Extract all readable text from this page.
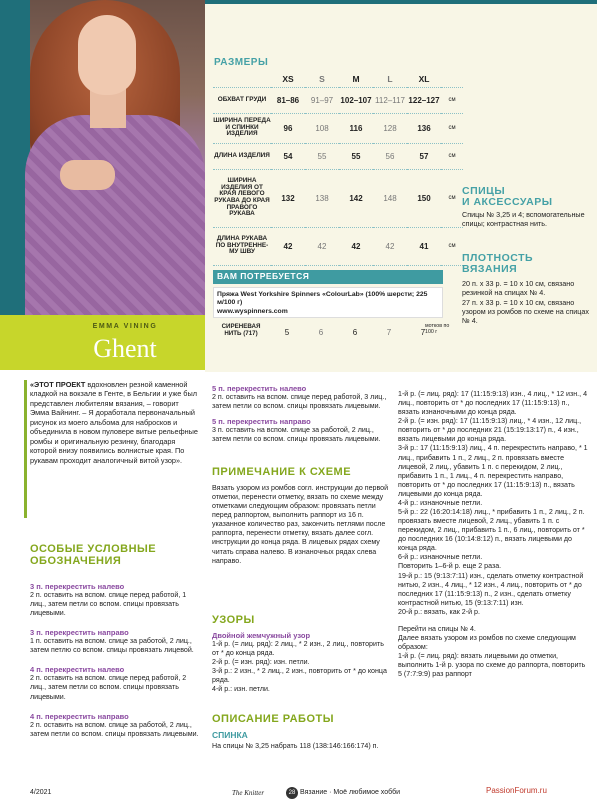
EMMA VINING
Ghent
РАЗМЕРЫ
	XS	S	M	L	XL	
ОБХВАТ ГРУДИ	81–86	91–97	102–107	112–117	122–127	см
ШИРИНА ПЕРЕДА И СПИНКИ ИЗДЕЛИЯ	96	108	116	128	136	см
ДЛИНА ИЗДЕЛИЯ	54	55	55	56	57	см
ШИРИНА ИЗДЕЛИЯ ОТ КРАЯ ЛЕВОГО РУКАВА ДО КРАЯ ПРАВОГО РУКАВА	132	138	142	148	150	см
ДЛИНА РУКАВА ПО ВНУТРЕННЕ-МУ ШВУ	42	42	42	42	41	см
ВАМ ПОТРЕБУЕТСЯ
Пряжа West Yorkshire Spinners «ColourLab» (100% шерсти; 225 м/100 г)
www.wyspinners.com
СИРЕНЕВАЯ НИТЬ (717)	5	6	6	7	7
мотков по 100 г
СПИЦЫ
И АКСЕССУАРЫ
Спицы № 3,25 и 4; вспомогательные спицы; контрастная нить.
ПЛОТНОСТЬ
ВЯЗАНИЯ
20 п. х 33 р. = 10 х 10 см, связано резинкой на спицах № 4.
27 п. х 33 р. = 10 х 10 см, связано узором из ромбов по схеме на спицах № 4.
«ЭТОТ ПРОЕКТ вдохновлен резной каменной кладкой на вокзале в Генте, в Бельгии и уже был представлен любителям вязания, – говорит Эмма Вайнинг. – Я доработала первоначальный рисунок из моего альбома для набросков и объединила в новом пуловере витые рельефные ромбы и оригинальную резинку, благодаря которой внизу появились волнистые края. По рукавам проходит аналогичный витой узор».
ОСОБЫЕ УСЛОВНЫЕ
ОБОЗНАЧЕНИЯ
3 п. перекрестить налево
2 п. оставить на вспом. спице перед работой, 1 лиц., затем петли со вспом. спицы провязать лицевыми.
3 п. перекрестить направо
1 п. оставить на вспом. спице за работой, 2 лиц., затем петлю со вспом. спицы провязать лицевой.
4 п. перекрестить налево
2 п. оставить на вспом. спице перед работой, 2 лиц., затем петли со вспом. спицы провязать лицевыми.
4 п. перекрестить направо
2 п. оставить на вспом. спице за работой, 2 лиц., затем петли со вспом. спицы провязать лицевыми.
5 п. перекрестить налево
2 п. оставить на вспом. спице перед работой, 3 лиц., затем петли со вспом. спицы провязать лицевыми.
5 п. перекрестить направо
3 п. оставить на вспом. спице за работой, 2 лиц., затем петли со вспом. спицы провязать лицевыми.
ПРИМЕЧАНИЕ К СХЕМЕ
Вязать узором из ромбов согл. инструкции до первой отметки, перенести отметку, вязать по схеме между отметками следующим образом: провязать петли перед раппортом, выполнить раппорт из 16 п. указанное количество раз, закончить петлями после раппорта, перенести отметку, вязать далее согл. инструкции до конца ряда. В лицевых рядах схему читать справа налево. В изнаночных рядах слева направо.
УЗОРЫ
Двойной жемчужный узор
1-й р. (= лиц. ряд): 2 лиц., * 2 изн., 2 лиц., повторить от * до конца ряда.
2-й р. (= изн. ряд): изн. петли.
3-й р.: 2 изн., * 2 лиц., 2 изн., повторить от * до конца ряда.
4-й р.: изн. петли.
ОПИСАНИЕ РАБОТЫ
СПИНКА
На спицы № 3,25 набрать 118 (138:146:166:174) п.
1-й р. (= лиц. ряд): 17 (11:15:9:13) изн., 4 лиц., * 12 изн., 4 лиц., повторить от * до последних 17 (11:15:9:13) п., вязать изнаночными до конца ряда.
2-й р. (= изн. ряд): 17 (11:15:9:13) лиц., * 4 изн., 12 лиц., повторить от * до последних 21 (15:19:13:17) п., 4 изн., вязать лицевыми до конца ряда.
3-й р.: 17 (11:15:9:13) лиц., 4 п. перекрестить направо, * 1 лиц., прибавить 1 п., 2 лиц., 2 п. провязать вместе лицевой, 2 лиц., убавить 1 п. с перекидом, 2 лиц., прибавить 1 п., 1 лиц., 4 п. перекрестить направо, повторить от * до последних 17 (11:15:9:13) п., вязать лицевыми до конца ряда.
4-й р.: изнаночные петли.
5-й р.: 22 (16:20:14:18) лиц., * прибавить 1 п., 2 лиц., 2 п. провязать вместе лицевой, 2 лиц., убавить 1 п. с перекидом, 2 лиц., прибавить 1 п., 6 лиц., повторить от * до последних 16 (10:14:8:12) п., вязать лицевыми до конца ряда.
6-й р.: изнаночные петли.
Повторить 1–6-й р. еще 2 раза.
19-й р.: 15 (9:13:7:11) изн., сделать отметку контрастной нитью, 2 изн., 4 лиц., * 12 изн., 4 лиц., повторить от * до последних 17 (11:15:9:13) п., 2 изн., сделать отметку контрастной нитью, 15 (9:13:7:11) изн.
20-й р.: вязать, как 2-й р.
Перейти на спицы № 4.
Далее вязать узором из ромбов по схеме следующим образом:
1-й р. (= лиц. ряд): вязать лицевыми до отметки, выполнить 1-й р. узора по схеме до раппорта, повторить 5 (7:7:9:9) раз раппорт
4/2021	The Knitter	28 Вязание · Моё любимое хобби	PassionForum.ru
